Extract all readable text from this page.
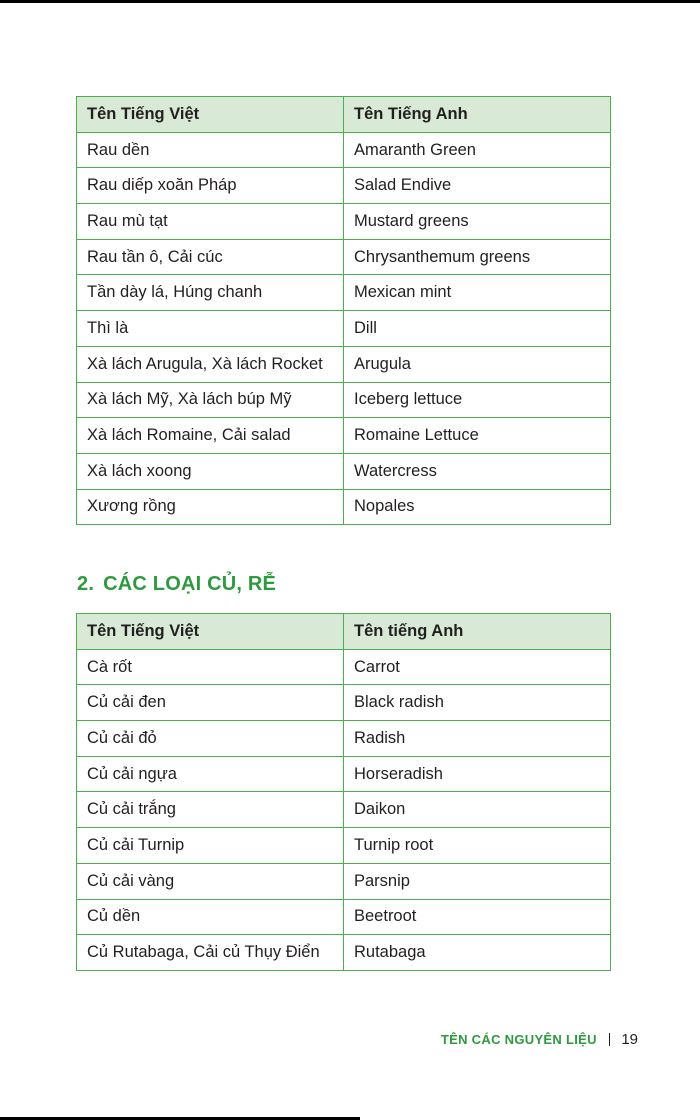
Tên Tiếng Việt	Tên Tiếng Anh
Rau dền	Amaranth Green
Rau diếp xoăn Pháp	Salad Endive
Rau mù tạt	Mustard greens
Rau tần ô, Cải cúc	Chrysanthemum greens
Tần dày lá, Húng chanh	Mexican mint
Thì là	Dill
Xà lách Arugula, Xà lách Rocket	Arugula
Xà lách Mỹ, Xà lách búp Mỹ	Iceberg lettuce
Xà lách Romaine, Cải salad	Romaine Lettuce
Xà lách xoong	Watercress
Xương rồng	Nopales
2. CÁC LOẠI CỦ, RỄ
Tên Tiếng Việt	Tên tiếng Anh
Cà rốt	Carrot
Củ cải đen	Black radish
Củ cải đỏ	Radish
Củ cải ngựa	Horseradish
Củ cải trắng	Daikon
Củ cải Turnip	Turnip root
Củ cải vàng	Parsnip
Củ dền	Beetroot
Củ Rutabaga, Cải củ Thụy Điển	Rutabaga
TÊN CÁC NGUYÊN LIỆU 19
